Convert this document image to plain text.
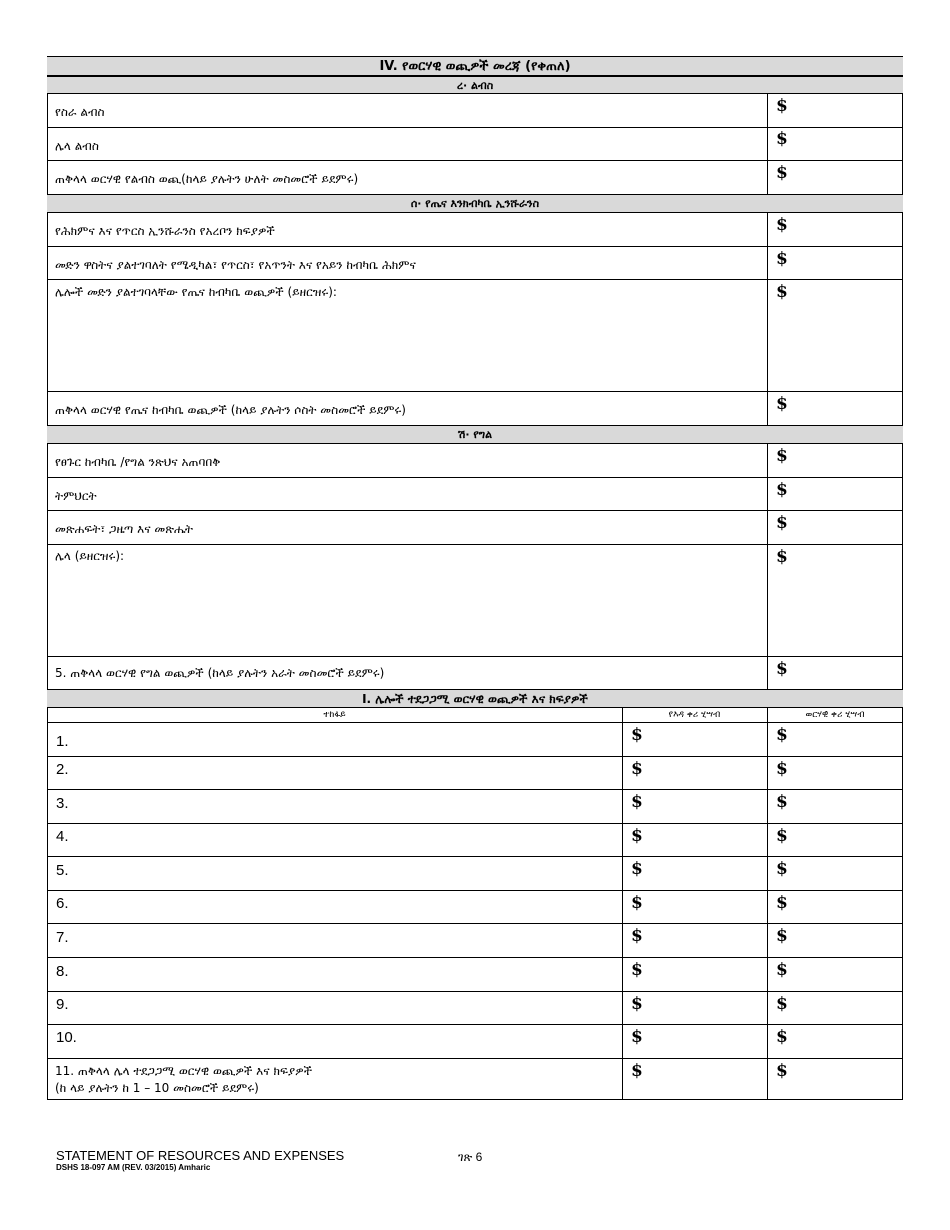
IV. የወርሃዊ ወጪዎች መረጃ (የቀጠለ)
ረ· ልብስ
የስራ ልብስ
ሌላ ልብስ
ጠቅላላ ወርሃዊ የልብስ ወጪ(ከላይ ያሉትን ሁለት መስመሮች ይደምሩ)
$
$
$
ሰ· የጤና እንክብካቤ ኢንሹራንስ
የሕክምና እና የጥርስ ኢንሹራንስ የአረቦን ክፍያዎች
መድን ዋስትና ያልተገባለት የሜዲካል፣ የጥርስ፣ የአጥንት እና የአይን ከብካቤ ሕክምና
ሌሎች መድን ያልተገባላቸው የጤና ከብካቤ ወጪዎች (ይዘርዝሩ):
ጠቅላላ ወርሃዊ የጤና ከብካቤ ወጪዎች (ከላይ ያሉትን ሶስት መስመሮች ይደምሩ)
$
$
$
$
ሽ· የግል
የፀጉር ከብካቤ /የግል ንጽህና አጠባበቅ
ትምህርት
መጽሐፍት፣ ጋዜጣ እና መጽሔት
ሌላ (ይዘርዝሩ):
5. ጠቅላላ ወርሃዊ የግል ወጪዎች (ከላይ ያሉትን አራት መስመሮች ይደምሩ)
$
$
$
$
$
I. ሌሎች ተደጋጋሚ ወርሃዊ ወጪዎች እና ክፍያዎች
ተከፋይ	የእዳ ቀሪ ሂሣብ	ወርሃዊ ቀሪ ሂሣብ
1.
2.
3.
4.
5.
6.
7.
8.
9.
10.
$
$
$
$
$
$
$
$
$
$
$
$
$
$
$
$
$
$
$
$
$
$
11. ጠቅላላ ሌላ ተደጋጋሚ ወርሃዊ ወጪዎች እና ክፍያዎች
(ከ ላይ ያሉትን ከ 1 – 10 መስመሮች ይደምሩ)
STATEMENT OF RESOURCES AND EXPENSES
DSHS 18-097 AM (REV. 03/2015) Amharic
ገጽ 6
